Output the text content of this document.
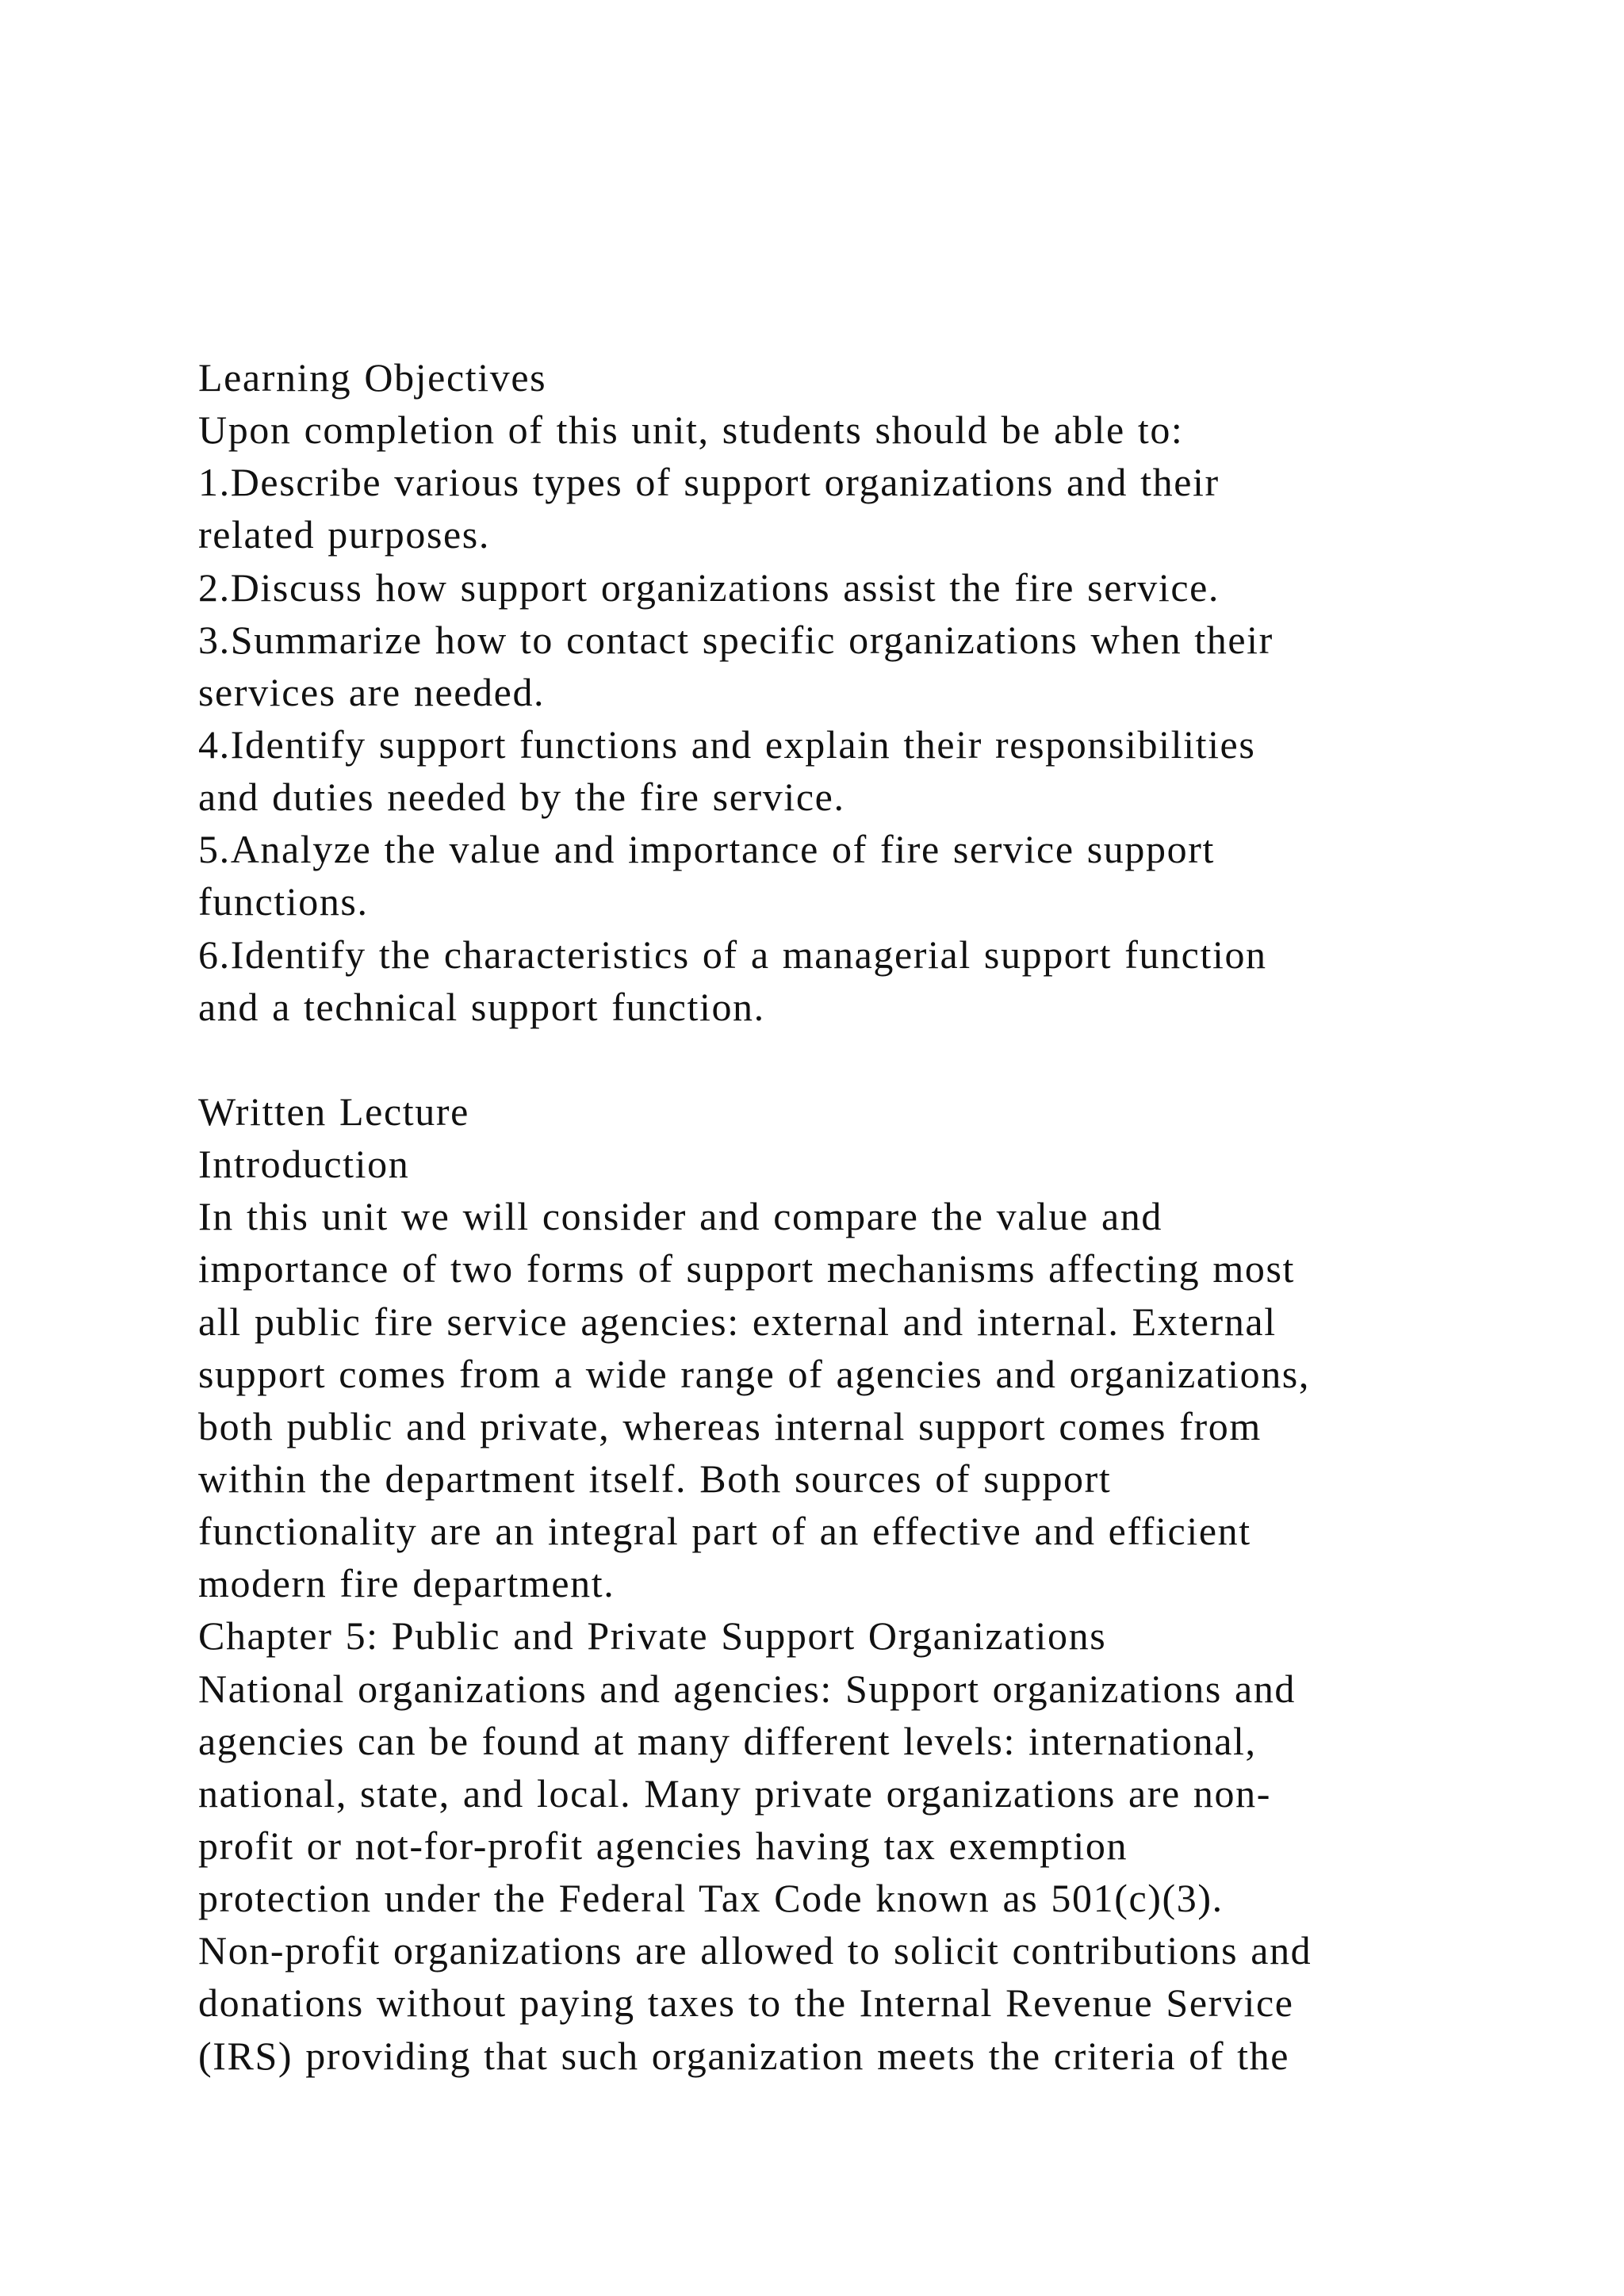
Learning Objectives
Upon completion of this unit, students should be able to:
1.Describe various types of support organizations and their
related purposes.
2.Discuss how support organizations assist the fire service.
3.Summarize how to contact specific organizations when their
services are needed.
4.Identify support functions and explain their responsibilities
and duties needed by the fire service.
5.Analyze the value and importance of fire service support
functions.
6.Identify the characteristics of a managerial support function
and a technical support function.
Written Lecture
Introduction
In this unit we will consider and compare the value and
importance of two forms of support mechanisms affecting most
all public fire service agencies: external and internal. External
support comes from a wide range of agencies and organizations,
both public and private, whereas internal support comes from
within the department itself. Both sources of support
functionality are an integral part of an effective and efficient
modern fire department.
Chapter 5: Public and Private Support Organizations
National organizations and agencies: Support organizations and
agencies can be found at many different levels: international,
national, state, and local. Many private organizations are non-
profit or not-for-profit agencies having tax exemption
protection under the Federal Tax Code known as 501(c)(3).
Non-profit organizations are allowed to solicit contributions and
donations without paying taxes to the Internal Revenue Service
(IRS) providing that such organization meets the criteria of the
